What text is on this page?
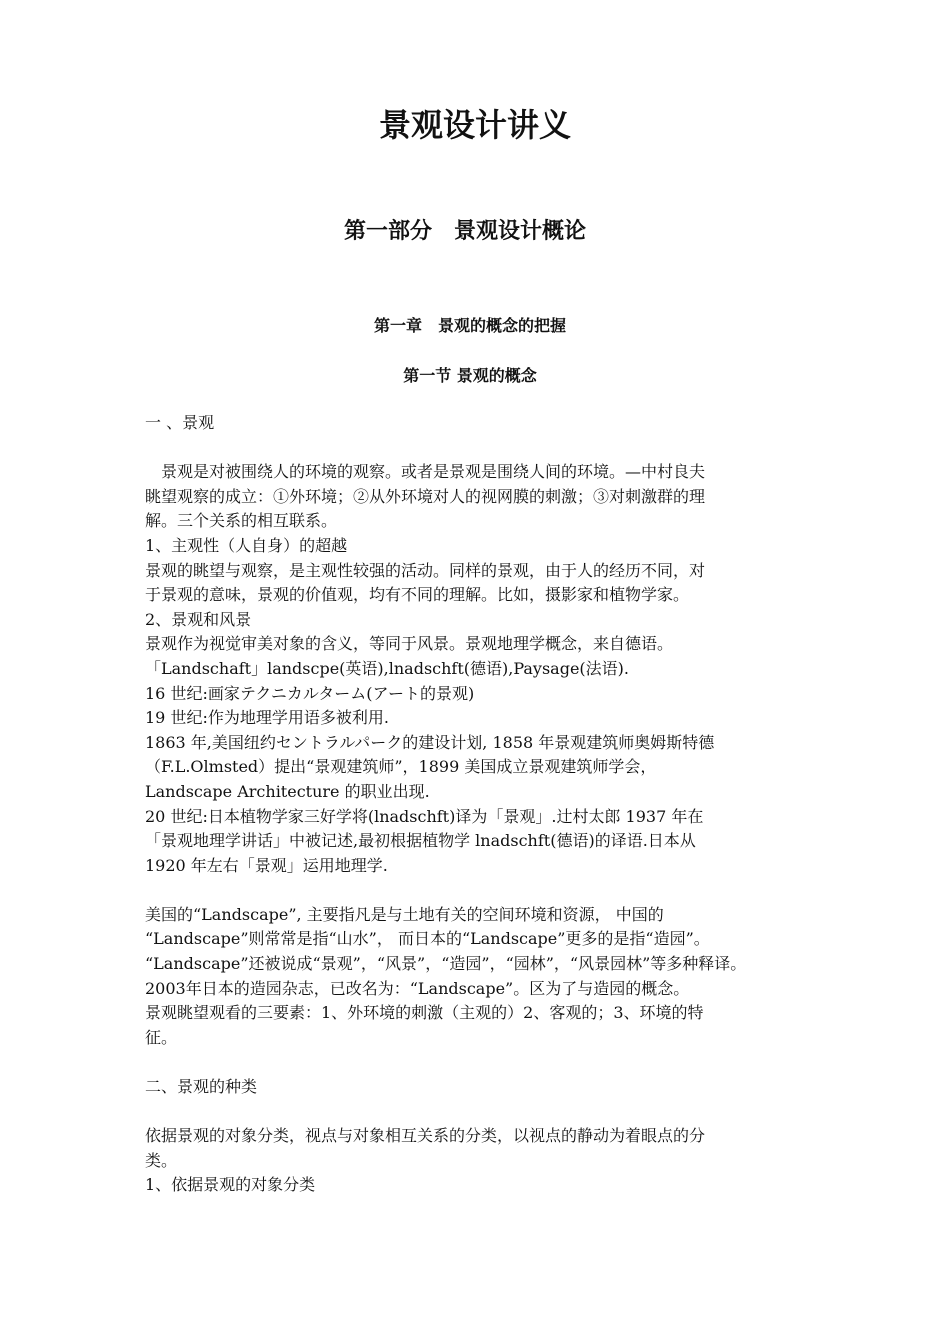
景观设计讲义
第一部分　景观设计概论
第一章　景观的概念的把握
第一节 景观的概念

一 、景观

　景观是对被围绕人的环境的观察。或者是景观是围绕人间的环境。—中村良夫

眺望观察的成立：①外环境；②从外环境对人的视网膜的刺激；③对刺激群的理

解。三个关系的相互联系。

1、主观性（人自身）的超越

景观的眺望与观察，是主观性较强的活动。同样的景观，由于人的经历不同，对

于景观的意味，景观的价值观，均有不同的理解。比如，摄影家和植物学家。

2、景观和风景

景观作为视觉审美对象的含义，等同于风景。景观地理学概念，来自德语。

「Landschaft」landscpe(英语),lnadschft(德语),Paysage(法语).

16 世纪:画家テクニカルターム(アート的景观)

19 世纪:作为地理学用语多被利用.

1863 年,美国纽约セントラルパーク的建设计划, 1858 年景观建筑师奥姆斯特德

（F.L.Olmsted）提出“景观建筑师”，1899 美国成立景观建筑师学会，

Landscape Architecture 的职业出现.

20 世纪:日本植物学家三好学将(lnadschft)译为「景观」.辻村太郎 1937 年在

「景观地理学讲话」中被记述,最初根据植物学 lnadschft(德语)的译语.日本从

1920 年左右「景观」运用地理学.

美国的“Landscape”, 主要指凡是与土地有关的空间环境和资源， 中国的

“Landscape”则常常是指“山水”， 而日本的“Landscape”更多的是指“造园”。

“Landscape”还被说成“景观”，“风景”，“造园”，“园林”，“风景园林”等多种释译。

2003年日本的造园杂志，已改名为：“Landscape”。区为了与造园的概念。

景观眺望观看的三要素：1、外环境的刺激（主观的）2、客观的；3、环境的特

征。

二、景观的种类

依据景观的对象分类，视点与对象相互关系的分类，以视点的静动为着眼点的分

类。

1、依据景观的对象分类
